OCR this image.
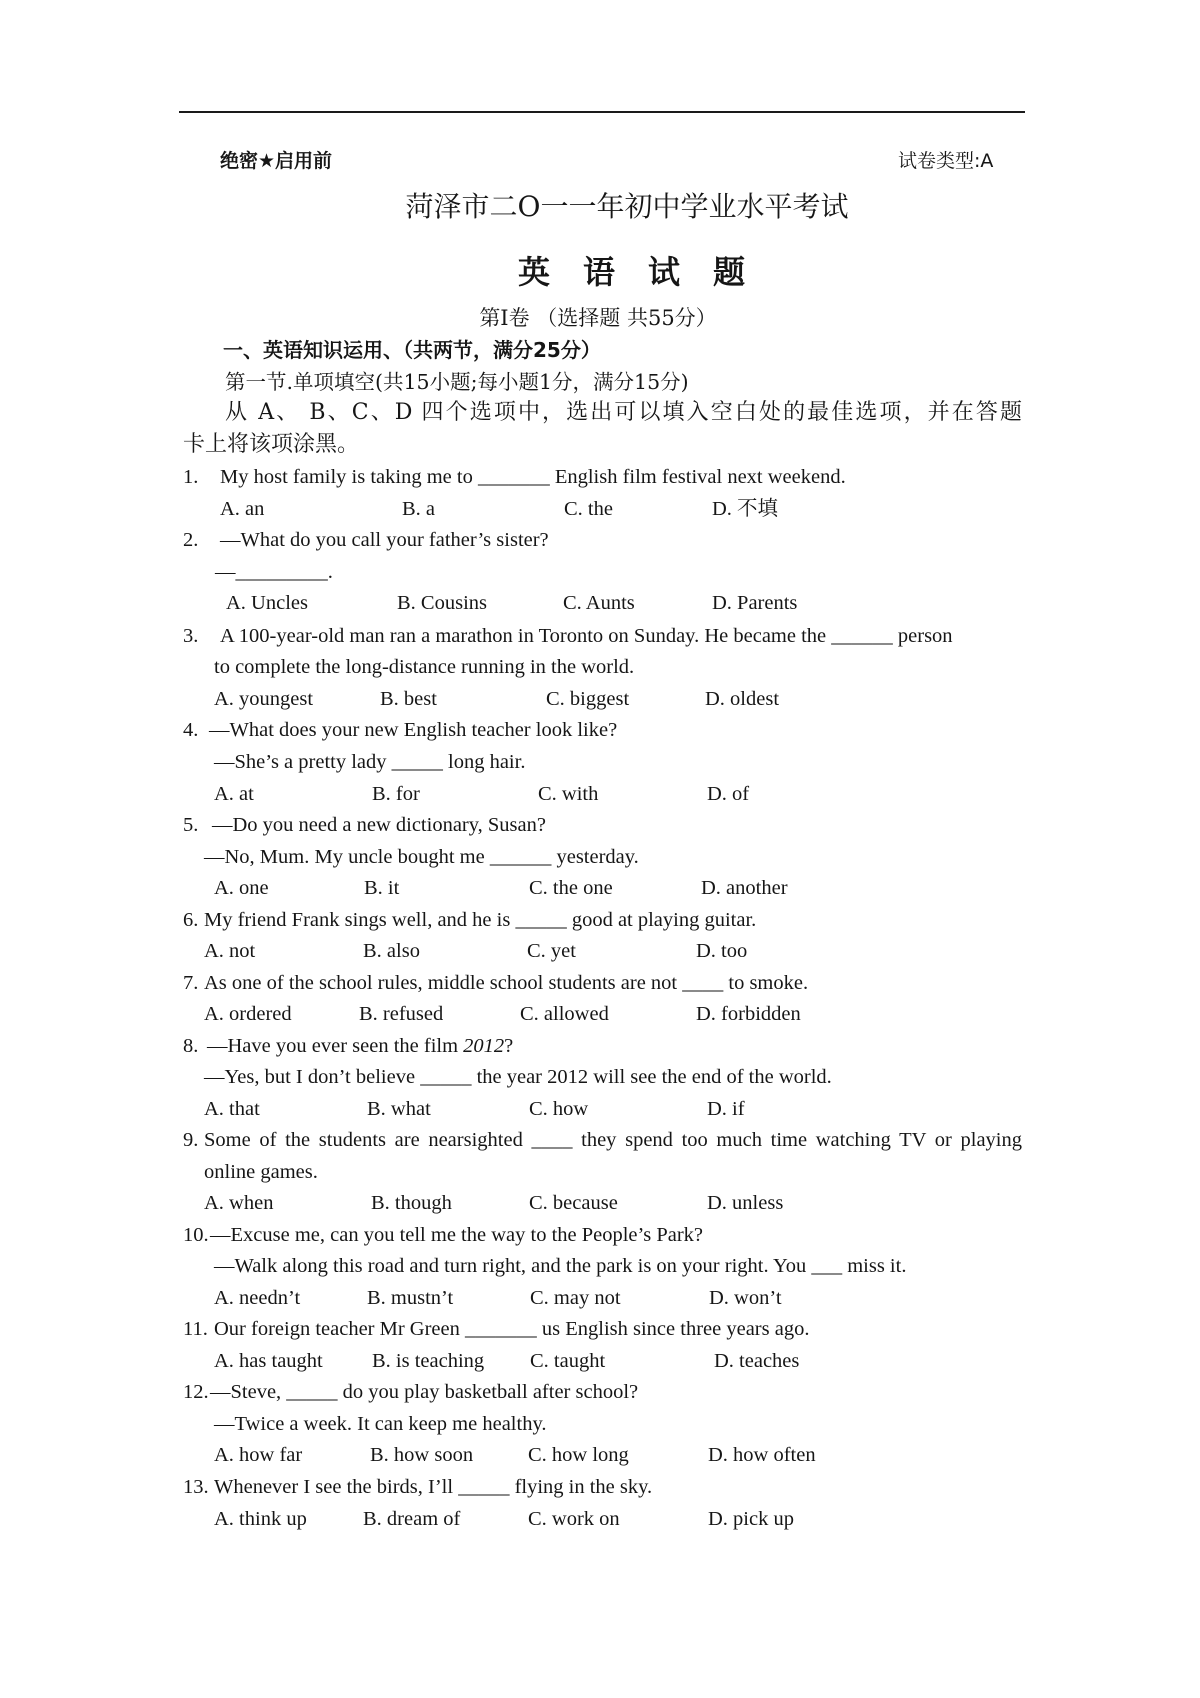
绝密★启用前	试卷类型:A
菏泽市二O一一年初中学业水平考试
英 语 试 题
第Ⅰ卷 （选择题 共55分）
一、英语知识运用、（共两节，满分25分）
第一节.单项填空(共15小题;每小题1分，满分15分)
从 A、 B、C、D 四个选项中，选出可以填入空白处的最佳选项，并在答题
卡上将该项涂黑。
1. My host family is taking me to _______ English film festival next weekend.
A. an	B. a	C. the	D. 不填
2. —What do you call your father’s sister?
—_________.
A. Uncles	B. Cousins	C. Aunts	D. Parents
3. A 100-year-old man ran a marathon in Toronto on Sunday. He became the ______ person
to complete the long-distance running in the world.
A. youngest	B. best	C. biggest	D. oldest
4. —What does your new English teacher look like?
—She’s a pretty lady _____ long hair.
A. at	B. for	C. with	D. of
5. —Do you need a new dictionary, Susan?
—No, Mum. My uncle bought me ______ yesterday.
A. one	B. it	C. the one	D. another
6. My friend Frank sings well, and he is _____ good at playing guitar.
A. not	B. also	C. yet	D. too
7. As one of the school rules, middle school students are not ____ to smoke.
A. ordered	B. refused	C. allowed	D. forbidden
8. —Have you ever seen the film 2012?
—Yes, but I don’t believe _____ the year 2012 will see the end of the world.
A. that	B. what	C. how	D. if
9. Some of the students are nearsighted ____ they spend too much time watching TV or playing
online games.
A. when	B. though	C. because	D. unless
10. —Excuse me, can you tell me the way to the People’s Park?
—Walk along this road and turn right, and the park is on your right. You ___ miss it.
A. needn’t	B. mustn’t	C. may not	D. won’t
11. Our foreign teacher Mr Green _______ us English since three years ago.
A. has taught B. is teaching C. taught	D. teaches
12. —Steve, _____ do you play basketball after school?
—Twice a week. It can keep me healthy.
A. how far	B. how soon	C. how long	D. how often
13. Whenever I see the birds, I’ll _____ flying in the sky.
A. think up	B. dream of	C. work on	D. pick up
